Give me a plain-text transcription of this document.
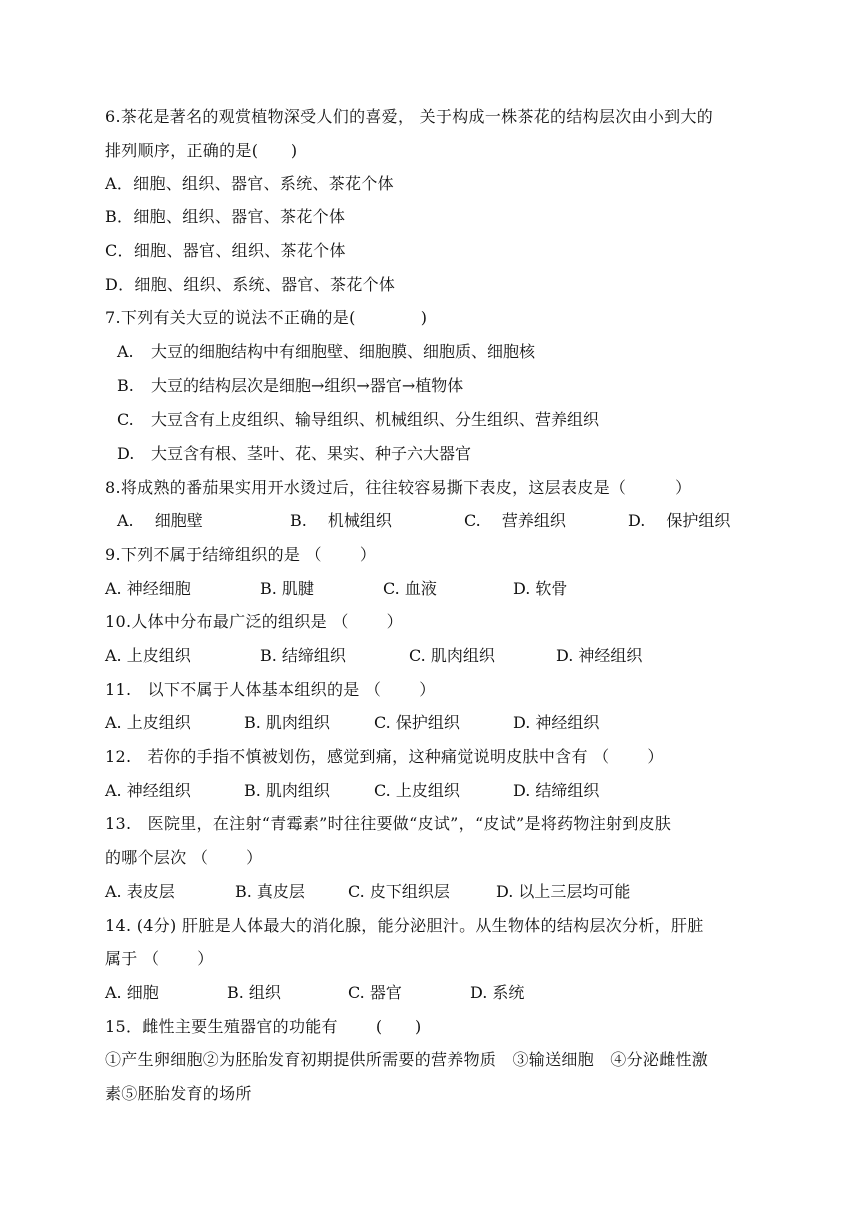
6.茶花是著名的观赏植物深受人们的喜爱， 关于构成一株茶花的结构层次由小到大的
排列顺序，正确的是(　　)
A．细胞、组织、器官、系统、茶花个体
B．细胞、组织、器官、茶花个体
C．细胞、器官、组织、茶花个体
D．细胞、组织、系统、器官、茶花个体
7.下列有关大豆的说法不正确的是(　　　　)
A. 大豆的细胞结构中有细胞壁、细胞膜、细胞质、细胞核
B. 大豆的结构层次是细胞→组织→器官→植物体
C. 大豆含有上皮组织、输导组织、机械组织、分生组织、营养组织
D. 大豆含有根、茎叶、花、果实、种子六大器官
8.将成熟的番茄果实用开水烫过后，往往较容易撕下表皮，这层表皮是（　　　）
A.　 细胞壁	B.　 机械组织	C.　 营养组织	D.　 保护组织
9.下列不属于结缔组织的是 （　　 ）
A. 神经细胞	B. 肌腱	C. 血液	D. 软骨
10.人体中分布最广泛的组织是 （　　 ）
A. 上皮组织	B. 结缔组织	C. 肌肉组织	D. 神经组织
11.　以下不属于人体基本组织的是 （　　 ）
A. 上皮组织	B. 肌肉组织	C. 保护组织	D. 神经组织
12.　若你的手指不慎被划伤，感觉到痛，这种痛觉说明皮肤中含有 （　　 ）
A. 神经组织	B. 肌肉组织	C. 上皮组织	D. 结缔组织
13.　医院里，在注射“青霉素”时往往要做“皮试”，“皮试”是将药物注射到皮肤
的哪个层次 （　　 ）
A. 表皮层	B. 真皮层	C. 皮下组织层	D. 以上三层均可能
14. (4分) 肝脏是人体最大的消化腺，能分泌胆汁。从生物体的结构层次分析，肝脏
属于 （　　 ）
A. 细胞	B. 组织	C. 器官	D. 系统
15．雌性主要生殖器官的功能有　　 (　　)
①产生卵细胞②为胚胎发育初期提供所需要的营养物质　③输送细胞　④分泌雌性激
素⑤胚胎发育的场所
